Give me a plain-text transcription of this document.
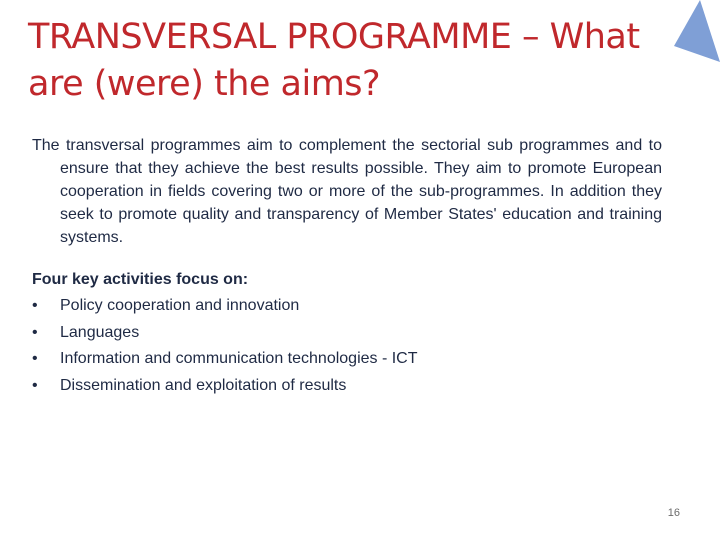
TRANSVERSAL PROGRAMME – What are (were) the aims?

The transversal programmes aim to complement the sectorial sub programmes and to ensure that they achieve the best results possible. They aim to promote European cooperation in fields covering two or more of the sub-programmes. In addition they seek to promote quality and transparency of Member States' education and training systems.

Four key activities focus on:

• Policy cooperation and innovation
• Languages
• Information and communication technologies - ICT
• Dissemination and exploitation of results
16
